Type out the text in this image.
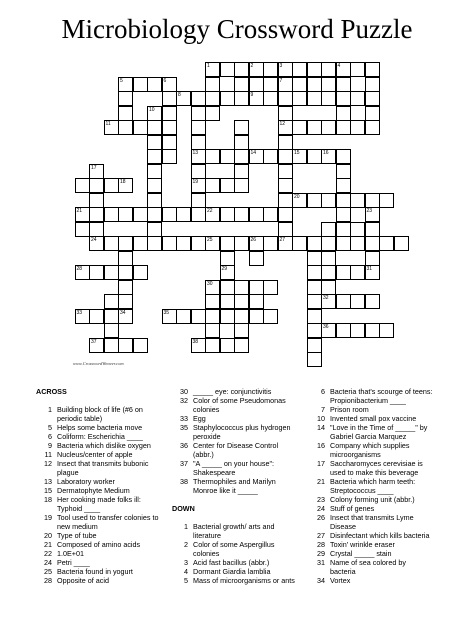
Microbiology Crossword Puzzle
1	2	3	4
9
7
5	6
8
11	12
10
13
19
14	15	16
17
18
20
21	22	23
24	25	26	27
29
34
28
30
31
32
33	35
36
37	38
www.CrosswordWeaver.com
ACROSS
1 Building block of life (#6 on
periodic table)
5 Helps some bacteria move
6 Coliform: Escherichia ____
9 Bacteria which dislike oxygen
11 Nucleus/center of apple
12 Insect that transmits bubonic
plague
13 Laboratory worker
15 Dermatophyte Medium
18 Her cooking made folks ill:
Typhoid ____
19 Tool used to transfer colonies to
new medium
20 Type of tube
21 Composed of amino acids
22 1.0E+01
24 Petri ____
25 Bacteria found in yogurt
28 Opposite of acid
30 _____ eye: conjunctivitis
32 Color of some Pseudomonas
colonies
33 Egg
35 Staphylococcus plus hydrogen
peroxide
36 Center for Disease Control
(abbr.)
37 "A _____ on your house":
Shakespeare
38 Thermophiles and Marilyn
Monroe like it _____
DOWN
1 Bacterial growth/ arts and
literature
2 Color of some Aspergillus
colonies
3 Acid fast bacillus (abbr.)
4 Dormant Giardia lamblia
5 Mass of microorganisms or ants
6 Bacteria that's scourge of teens:
Propionibacterium ____
7 Prison room
10 Invented small pox vaccine
14 "Love in the Time of _____" by
Gabriel Garcia Marquez
16 Company which supplies
microorganisms
17 Saccharomyces cerevisiae is
used to make this beverage
21 Bacteria which harm teeth:
Streptococcus ____
23 Colony forming unit (abbr.)
24 Stuff of genes
26 Insect that transmits Lyme
Disease
27 Disinfectant which kills bacteria
28 Toxin' wrinkle eraser
29 Crystal _____ stain
31 Name of sea colored by
bacteria
34 Vortex
